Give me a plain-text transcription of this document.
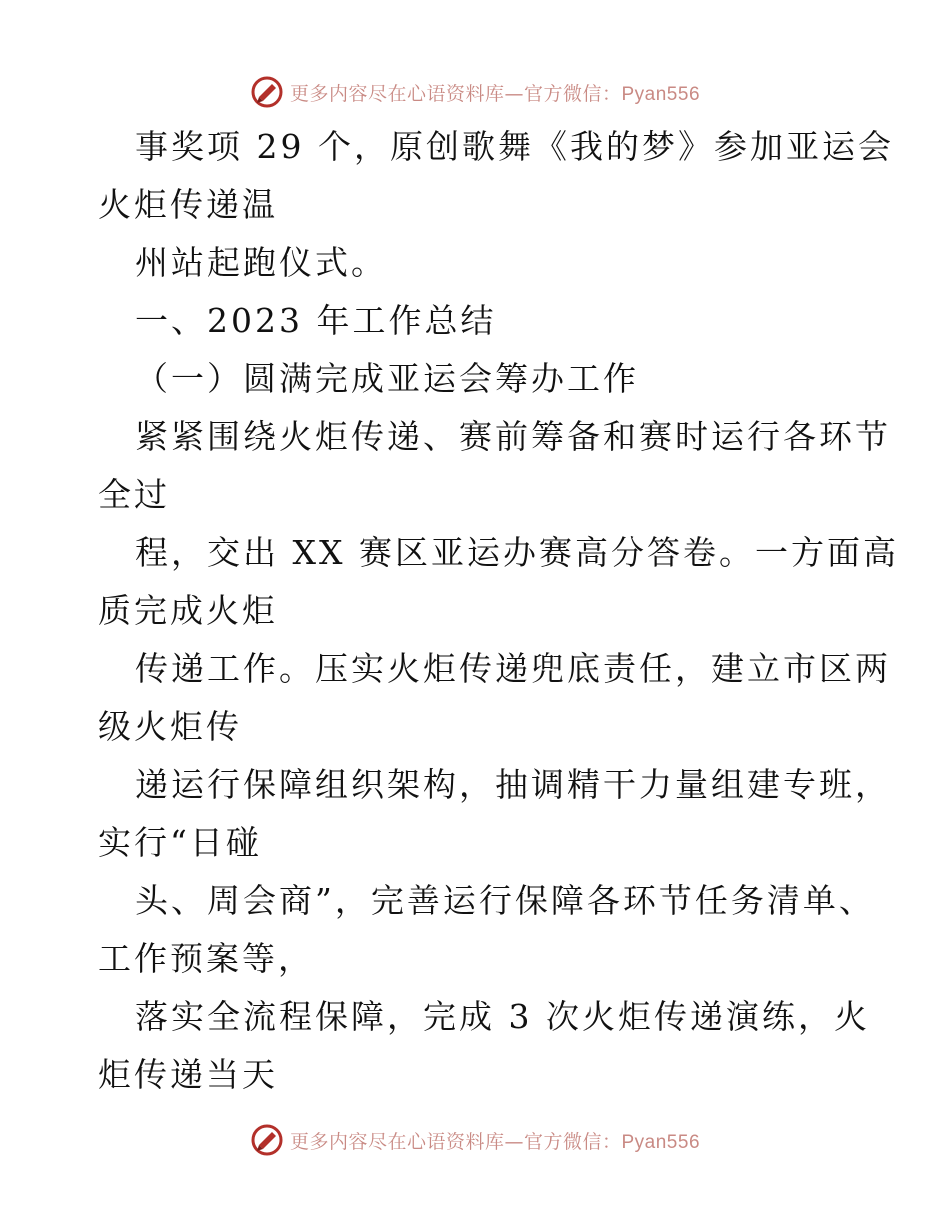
更多内容尽在心语资料库—官方微信：Pyan556
事奖项 29 个，原创歌舞《我的梦》参加亚运会
火炬传递温
州站起跑仪式。
一、2023 年工作总结
（一）圆满完成亚运会筹办工作
紧紧围绕火炬传递、赛前筹备和赛时运行各环节
全过
程，交出 XX 赛区亚运办赛高分答卷。一方面高
质完成火炬
传递工作。压实火炬传递兜底责任，建立市区两
级火炬传
递运行保障组织架构，抽调精干力量组建专班，
实行“日碰
头、周会商”，完善运行保障各环节任务清单、
工作预案等，
落实全流程保障，完成 3 次火炬传递演练，火
炬传递当天
更多内容尽在心语资料库—官方微信：Pyan556
